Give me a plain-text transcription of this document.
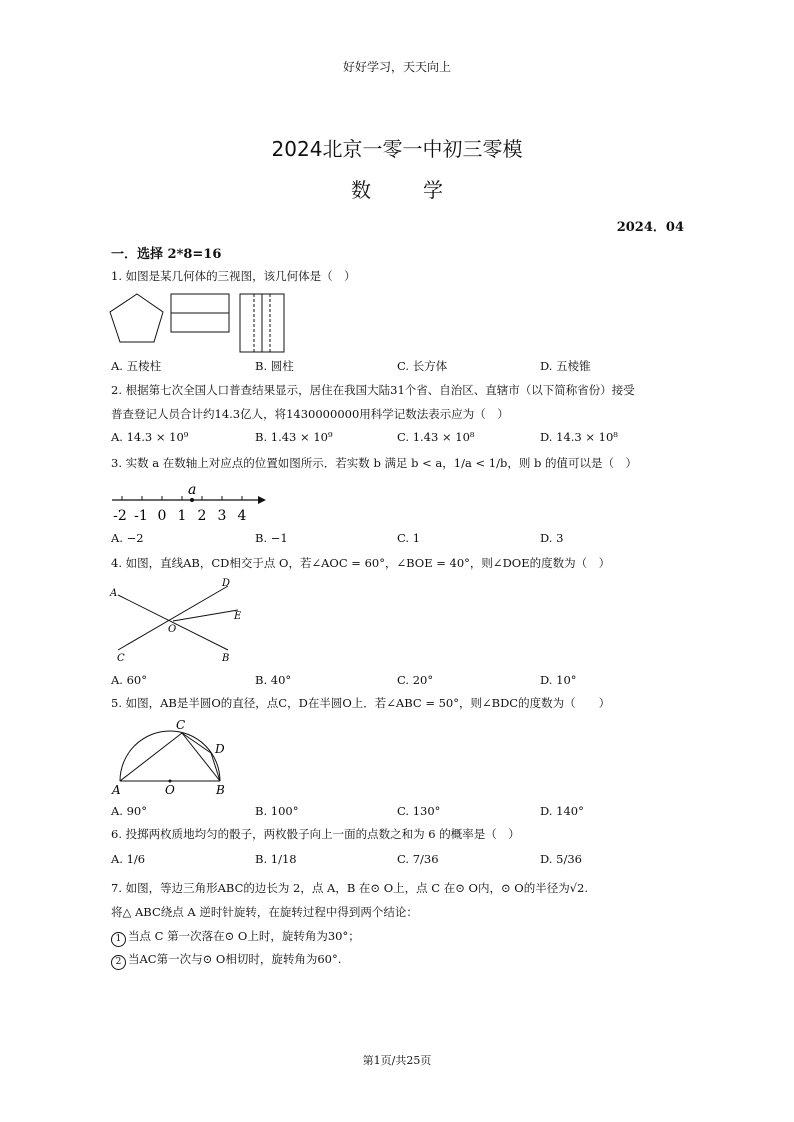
好好学习，天天向上
2024北京一零一中初三零模
数	学
2024．04
一．选择 2*8=16
1. 如图是某几何体的三视图，该几何体是（　）
A. 五棱柱	B. 圆柱	C. 长方体	D. 五棱锥
2. 根据第七次全国人口普查结果显示，居住在我国大陆31个省、自治区、直辖市（以下简称省份）接受
普查登记人员合计约14.3亿人，将1430000000用科学记数法表示应为（　）
A. 14.3 × 10⁹	B. 1.43 × 10⁹	C. 1.43 × 10⁸	D. 14.3 × 10⁸
3. 实数 a 在数轴上对应点的位置如图所示．若实数 b 满足 b < a，1/a < 1/b，则 b 的值可以是（　）
a
-2 -1 0 1 2 3 4
A. −2	B. −1	C. 1	D. 3
4. 如图，直线AB，CD相交于点 O，若∠AOC = 60°，∠BOE = 40°，则∠DOE的度数为（　）
A
D
E
O
C	B
A. 60°	B. 40°	C. 20°	D. 10°
5. 如图，AB是半圆O的直径，点C，D在半圆O上．若∠ABC = 50°，则∠BDC的度数为（　　）
C
D
A	O	B
A. 90°	B. 100°	C. 130°	D. 140°
6. 投掷两枚质地均匀的骰子，两枚骰子向上一面的点数之和为 6 的概率是（　）
A. 1/6	B. 1/18	C. 7/36	D. 5/36
7. 如图，等边三角形ABC的边长为 2，点 A，B 在⊙ O上，点 C 在⊙ O内，⊙ O的半径为√2.
将△ ABC绕点 A 逆时针旋转，在旋转过程中得到两个结论：
1 当点 C 第一次落在⊙ O上时，旋转角为30°；
2 当AC第一次与⊙ O相切时，旋转角为60°.
第1页/共25页
